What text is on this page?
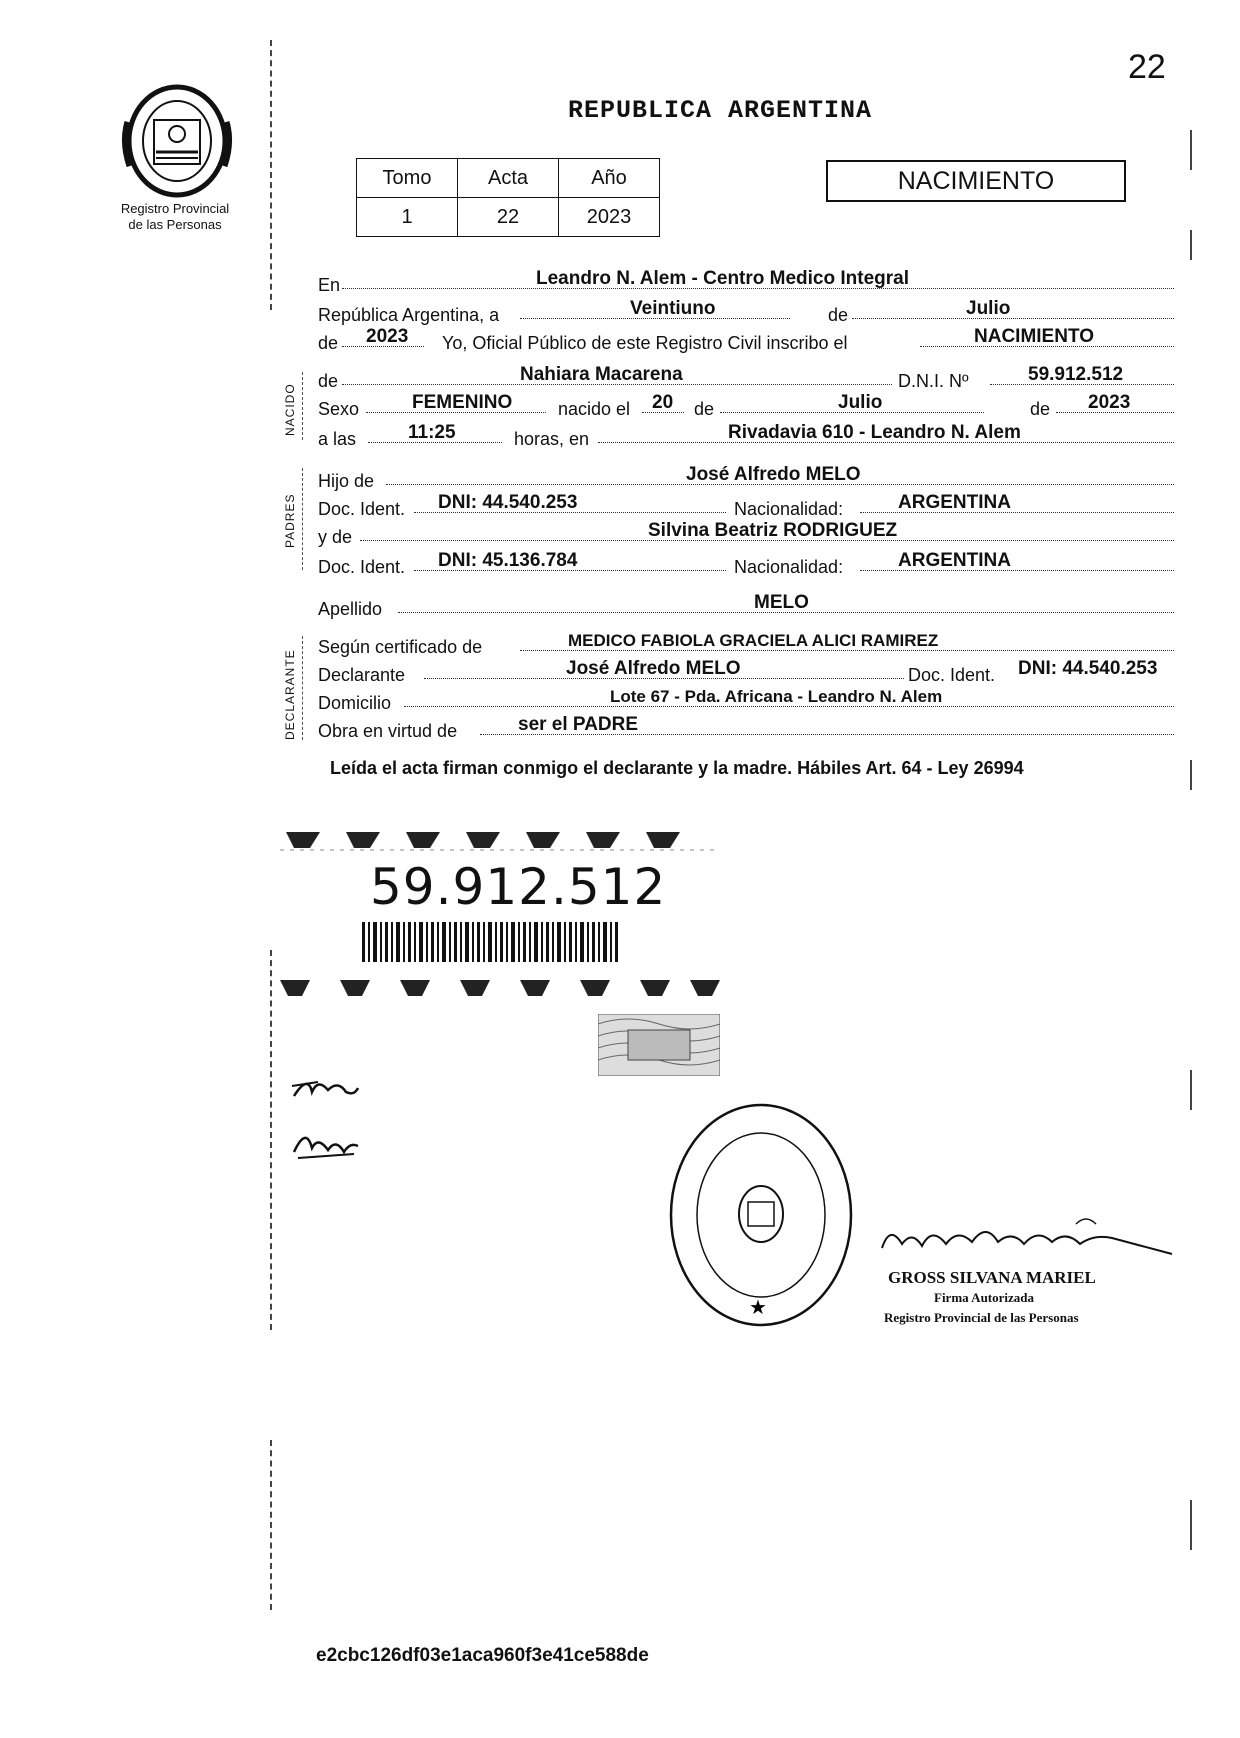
22
Registro Provincial
de las Personas
REPUBLICA ARGENTINA
Tomo	Acta	Año
1	22	2023
NACIMIENTO
NACIDO
PADRES
DECLARANTE
En	Leandro N. Alem - Centro Medico Integral
República Argentina, a	Veintiuno	de	Julio
de 2023 Yo, Oficial Público de este Registro Civil inscribo el	NACIMIENTO
de	Nahiara Macarena	D.N.I. Nº	59.912.512
Sexo	FEMENINO	nacido el 20 de	Julio	de 2023
a las	11:25	horas, en	Rivadavia 610 - Leandro N. Alem
Hijo de	José Alfredo MELO
Doc. Ident. DNI: 44.540.253	Nacionalidad:	ARGENTINA
y de	Silvina Beatriz RODRIGUEZ
Doc. Ident. DNI: 45.136.784	Nacionalidad:	ARGENTINA
Apellido	MELO
Según certificado de	MEDICO FABIOLA GRACIELA ALICI RAMIREZ
Declarante	José Alfredo MELO	Doc. Ident. DNI: 44.540.253
Domicilio	Lote 67 - Pda. Africana - Leandro N. Alem
Obra en virtud de	ser el PADRE
Leída el acta firman conmigo el declarante y la madre. Hábiles Art. 64 - Ley 26994
59.912.512
★
GROSS SILVANA MARIEL
Firma Autorizada
Registro Provincial de las Personas
e2cbc126df03e1aca960f3e41ce588de
